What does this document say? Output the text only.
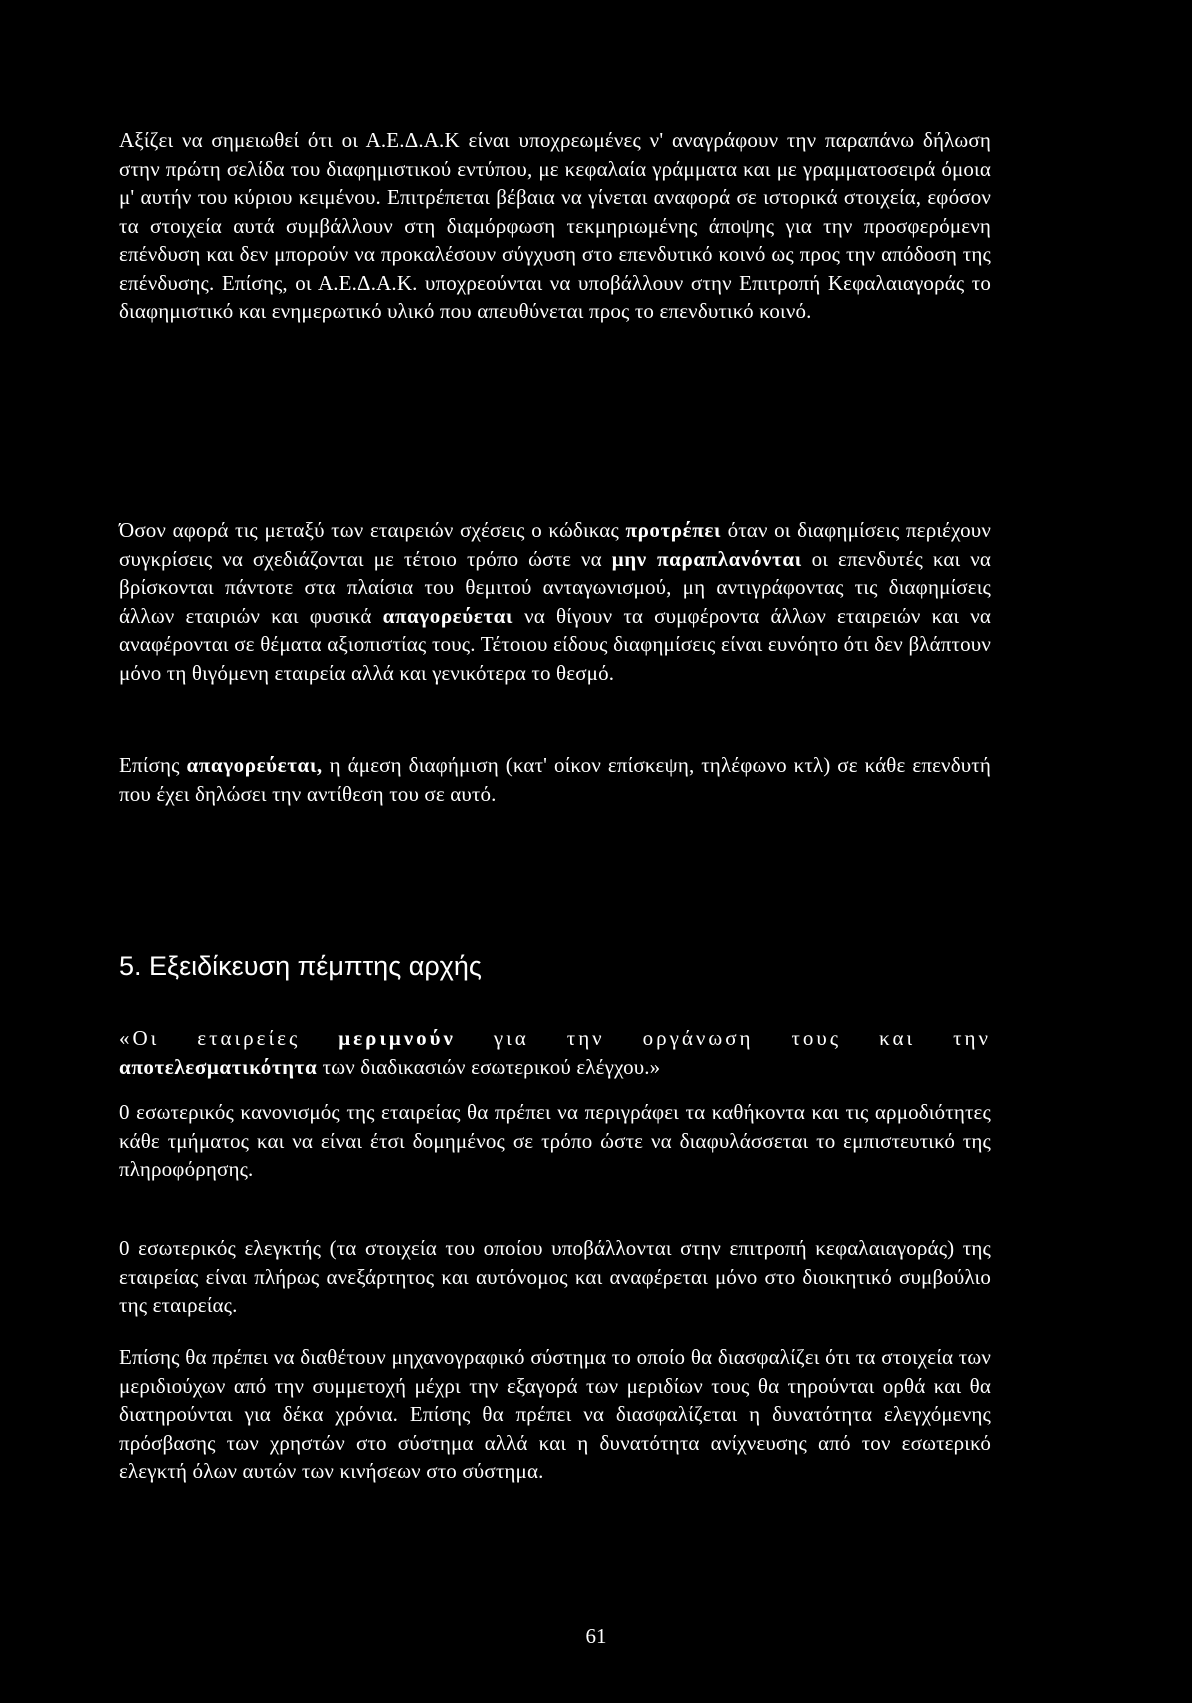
Αξίζει να σημειωθεί ότι οι Α.Ε.Δ.Α.Κ είναι υποχρεωμένες ν' αναγράφουν την παραπάνω δήλωση στην πρώτη σελίδα του διαφημιστικού εντύπου, με κεφαλαία γράμματα και με γραμματοσειρά όμοια μ' αυτήν του κύριου κειμένου. Επιτρέπεται βέβαια να γίνεται αναφορά σε ιστορικά στοιχεία, εφόσον τα στοιχεία αυτά συμβάλλουν στη διαμόρφωση τεκμηριωμένης άποψης για την προσφερόμενη επένδυση και δεν μπορούν να προκαλέσουν σύγχυση στο επενδυτικό κοινό ως προς την απόδοση της επένδυσης. Επίσης, οι Α.Ε.Δ.Α.Κ. υποχρεούνται να υποβάλλουν στην Επιτροπή Κεφαλαιαγοράς το διαφημιστικό και ενημερωτικό υλικό που απευθύνεται προς το επενδυτικό κοινό.

Όσον αφορά τις μεταξύ των εταιρειών σχέσεις ο κώδικας προτρέπει όταν οι διαφημίσεις περιέχουν συγκρίσεις να σχεδιάζονται με τέτοιο τρόπο ώστε να μην παραπλανόνται οι επενδυτές και να βρίσκονται πάντοτε στα πλαίσια του θεμιτού ανταγωνισμού, μη αντιγράφοντας τις διαφημίσεις άλλων εταιριών και φυσικά απαγορεύεται να θίγουν τα συμφέροντα άλλων εταιρειών και να αναφέρονται σε θέματα αξιοπιστίας τους. Τέτοιου είδους διαφημίσεις είναι ευνόητο ότι δεν βλάπτουν μόνο τη θιγόμενη εταιρεία αλλά και γενικότερα το θεσμό.

Επίσης απαγορεύεται, η άμεση διαφήμιση (κατ' οίκον επίσκεψη, τηλέφωνο κτλ) σε κάθε επενδυτή που έχει δηλώσει την αντίθεση του σε αυτό.

5. Εξειδίκευση πέμπτης αρχής

«Οι εταιρείες μεριμνούν για την οργάνωση τους και την αποτελεσματικότητα των διαδικασιών εσωτερικού ελέγχου.»

0 εσωτερικός κανονισμός της εταιρείας θα πρέπει να περιγράφει τα καθήκοντα και τις αρμοδιότητες κάθε τμήματος και να είναι έτσι δομημένος σε τρόπο ώστε να διαφυλάσσεται το εμπιστευτικό της πληροφόρησης.

0 εσωτερικός ελεγκτής (τα στοιχεία του οποίου υποβάλλονται στην επιτροπή κεφαλαιαγοράς) της εταιρείας είναι πλήρως ανεξάρτητος και αυτόνομος και αναφέρεται μόνο στο διοικητικό συμβούλιο της εταιρείας.

Επίσης θα πρέπει να διαθέτουν μηχανογραφικό σύστημα το οποίο θα διασφαλίζει ότι τα στοιχεία των μεριδιούχων από την συμμετοχή μέχρι την εξαγορά των μεριδίων τους θα τηρούνται ορθά και θα διατηρούνται για δέκα χρόνια. Επίσης θα πρέπει να διασφαλίζεται η δυνατότητα ελεγχόμενης πρόσβασης των χρηστών στο σύστημα αλλά και η δυνατότητα ανίχνευσης από τον εσωτερικό ελεγκτή όλων αυτών των κινήσεων στο σύστημα.

61
